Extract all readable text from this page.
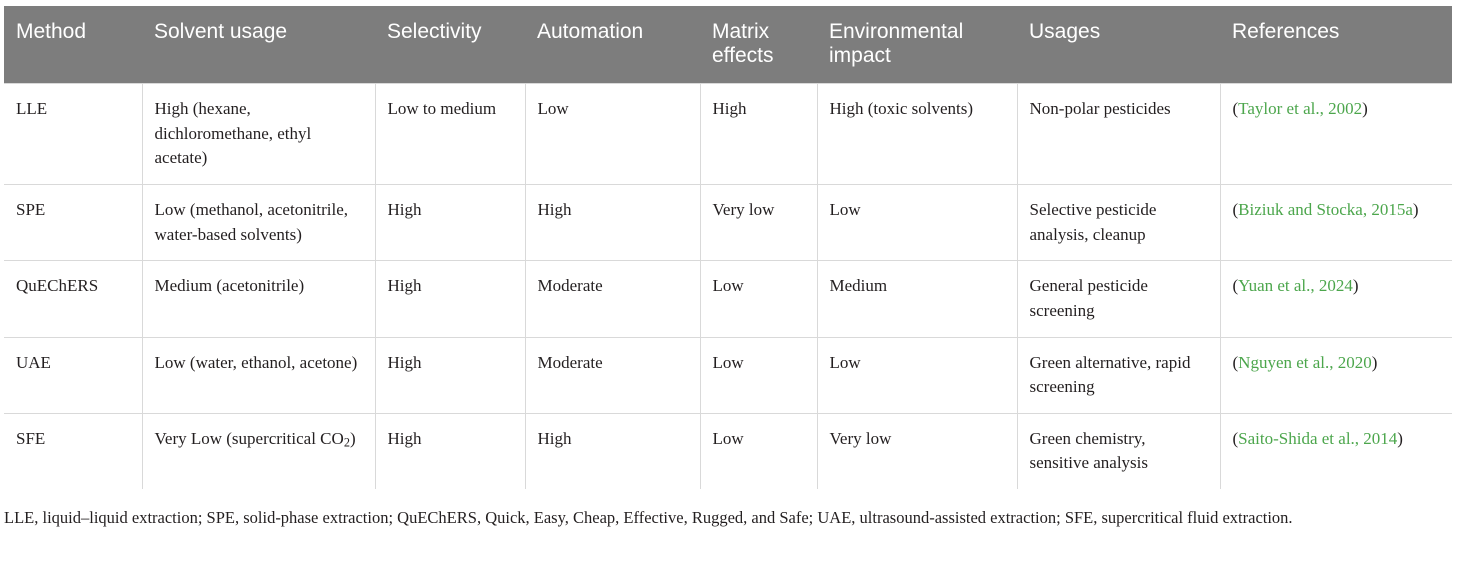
Method	Solvent usage	Selectivity	Automation	Matrix effects	Environmental impact	Usages	References
LLE	High (hexane, dichloromethane, ethyl acetate)	Low to medium	Low	High	High (toxic solvents)	Non-polar pesticides	(Taylor et al., 2002)
SPE	Low (methanol, acetonitrile, water-based solvents)	High	High	Very low	Low	Selective pesticide analysis, cleanup	(Biziuk and Stocka, 2015a)
QuEChERS	Medium (acetonitrile)	High	Moderate	Low	Medium	General pesticide screening	(Yuan et al., 2024)
UAE	Low (water, ethanol, acetone)	High	Moderate	Low	Low	Green alternative, rapid screening	(Nguyen et al., 2020)
SFE	Very Low (supercritical $CO_2$)	High	High	Low	Very low	Green chemistry, sensitive analysis	(Saito-Shida et al., 2014)
LLE, liquid–liquid extraction; SPE, solid-phase extraction; QuEChERS, Quick, Easy, Cheap, Effective, Rugged, and Safe; UAE, ultrasound-assisted extraction; SFE, supercritical fluid extraction.
